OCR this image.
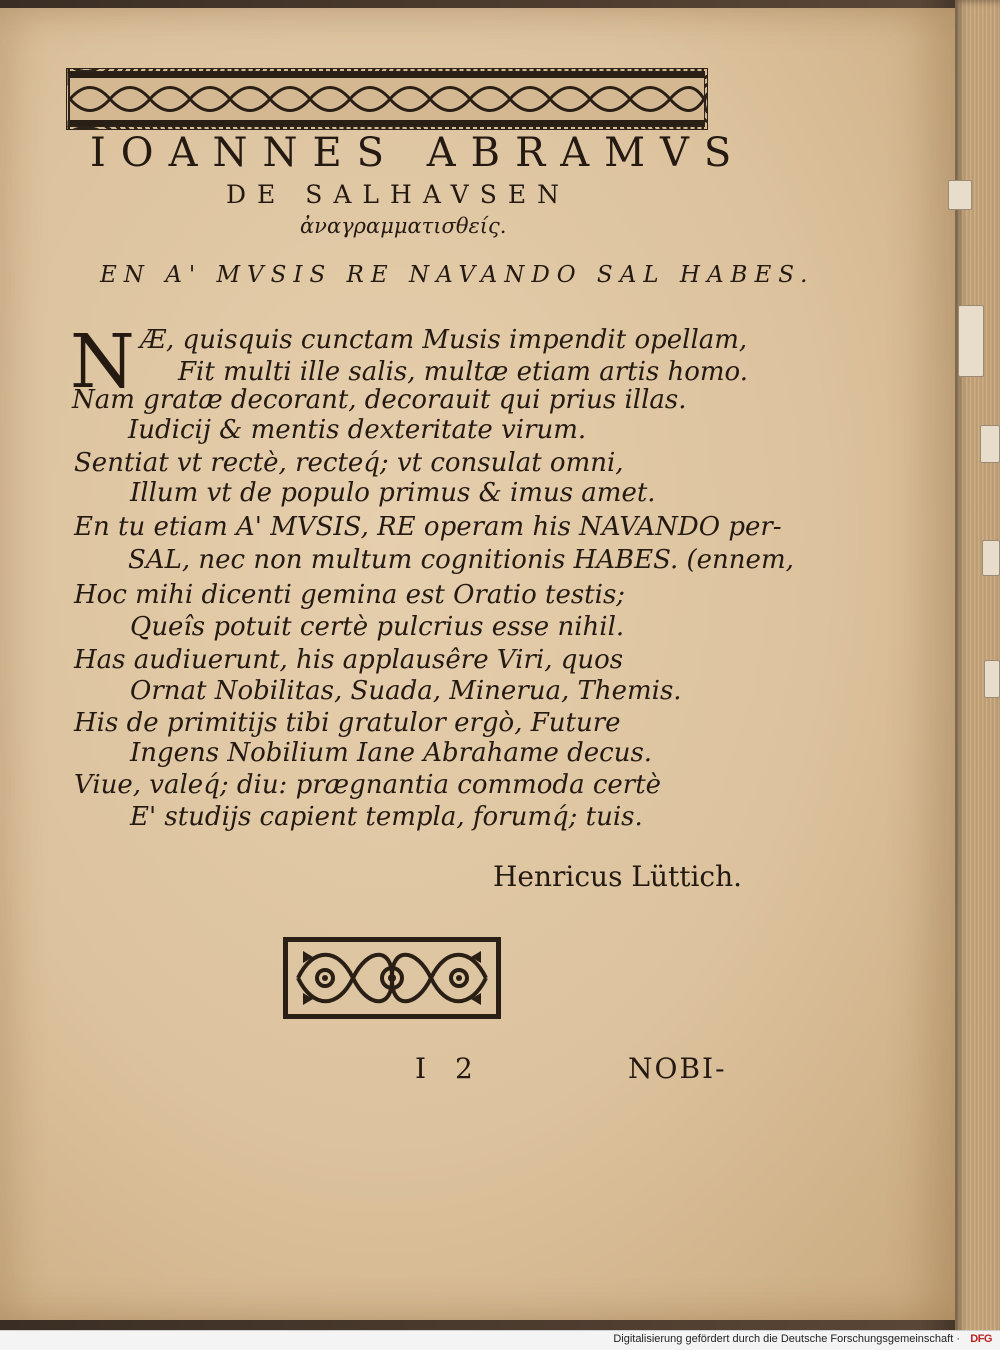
IOANNES ABRAMVS
DE SALHAVSEN
ἀναγραμματισθείς.
EN A' MVSIS RE NAVANDO SAL HABES.
N Æ, quisquis cunctam Musis impendit opellam,
Fit multi ille salis, multæ etiam artis homo.
Nam gratæ decorant, decorauit qui prius illas.
Iudicij & mentis dexteritate virum.
Sentiat vt rectè, recteq́; vt consulat omni,
Illum vt de populo primus & imus amet.
En tu etiam A' MVSIS, RE operam his NAVANDO per-
SAL, nec non multum cognitionis HABES. (ennem,
Hoc mihi dicenti gemina est Oratio testis;
Queîs potuit certè pulcrius esse nihil.
Has audiuerunt, his applausêre Viri, quos
Ornat Nobilitas, Suada, Minerua, Themis.
His de primitijs tibi gratulor ergò, Future
Ingens Nobilium Iane Abrahame decus.
Viue, valeq́; diu: prægnantia commoda certè
E' studijs capient templa, forumq́; tuis.
Henricus Lüttich.
I 2	NOBI-
Digitalisierung gefördert durch die Deutsche Forschungsgemeinschaft · DFG
